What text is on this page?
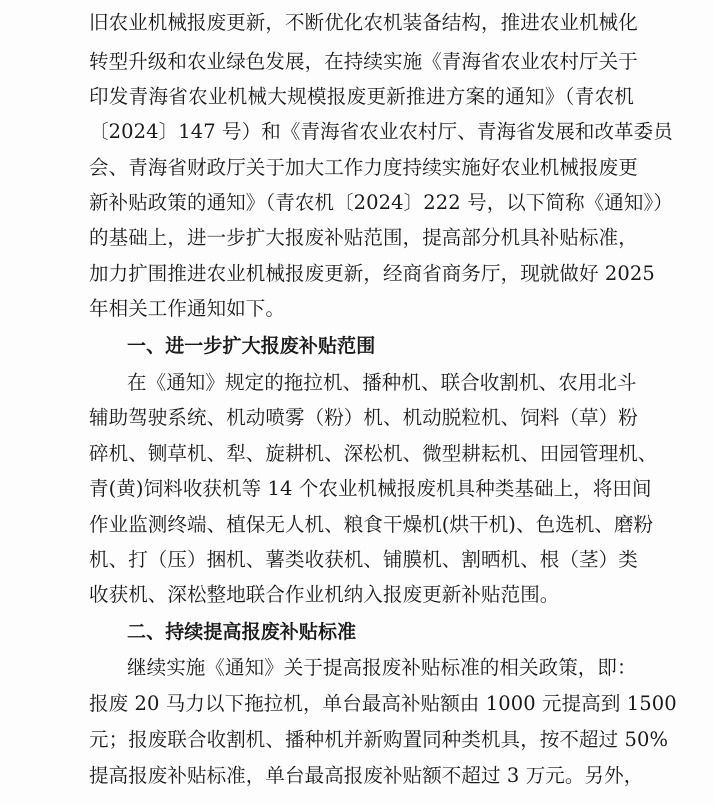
旧农业机械报废更新，不断优化农机装备结构，推进农业机械化
转型升级和农业绿色发展，在持续实施《青海省农业农村厅关于
印发青海省农业机械大规模报废更新推进方案的通知》（青农机
〔2024〕147 号）和《青海省农业农村厅、青海省发展和改革委员
会、青海省财政厅关于加大工作力度持续实施好农业机械报废更
新补贴政策的通知》（青农机〔2024〕222 号，以下简称《通知》）
的基础上，进一步扩大报废补贴范围，提高部分机具补贴标准，
加力扩围推进农业机械报废更新，经商省商务厅，现就做好 2025
年相关工作通知如下。
一、进一步扩大报废补贴范围
在《通知》规定的拖拉机、播种机、联合收割机、农用北斗
辅助驾驶系统、机动喷雾（粉）机、机动脱粒机、饲料（草）粉
碎机、铡草机、犁、旋耕机、深松机、微型耕耘机、田园管理机、
青(黄)饲料收获机等 14 个农业机械报废机具种类基础上，将田间
作业监测终端、植保无人机、粮食干燥机(烘干机)、色选机、磨粉
机、打（压）捆机、薯类收获机、铺膜机、割晒机、根（茎）类
收获机、深松整地联合作业机纳入报废更新补贴范围。
二、持续提高报废补贴标准
继续实施《通知》关于提高报废补贴标准的相关政策，即：
报废 20 马力以下拖拉机，单台最高补贴额由 1000 元提高到 1500
元；报废联合收割机、播种机并新购置同种类机具，按不超过 50%
提高报废补贴标准，单台最高报废补贴额不超过 3 万元。另外，
